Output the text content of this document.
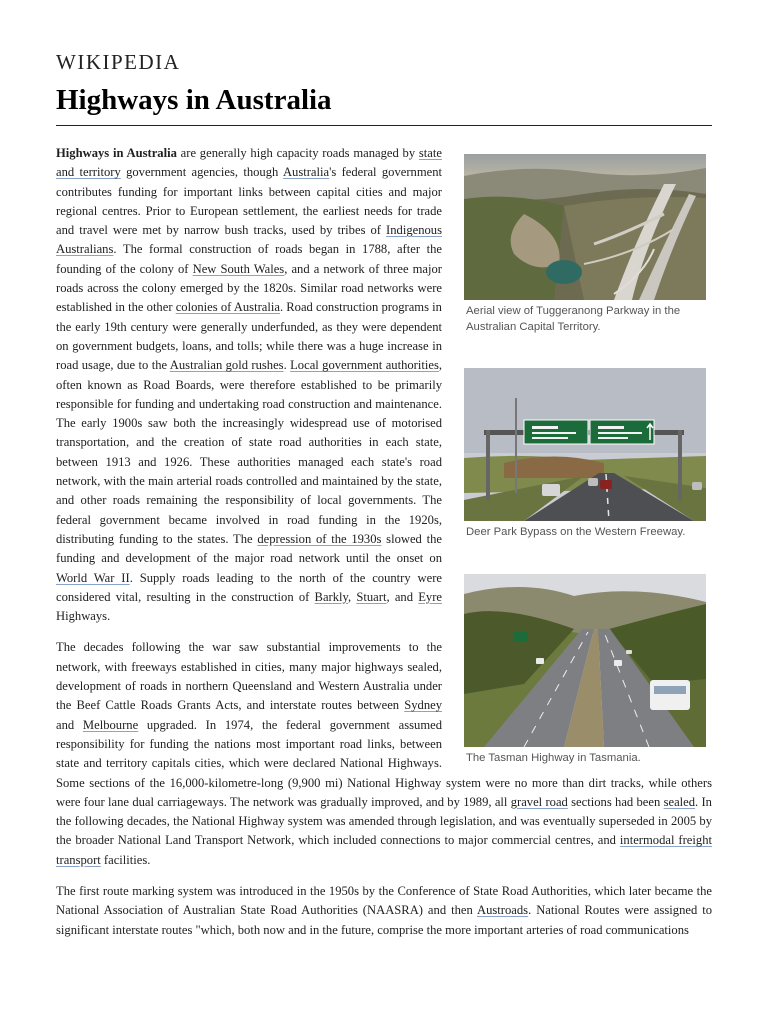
WIKIPEDIA
Highways in Australia
Aerial view of Tuggeranong Parkway in the Australian Capital Territory.
Deer Park Bypass on the Western Freeway.
The Tasman Highway in Tasmania.

Highways in Australia are generally high capacity roads managed by state and territory government agencies, though Australia's federal government contributes funding for important links between capital cities and major regional centres. Prior to European settlement, the earliest needs for trade and travel were met by narrow bush tracks, used by tribes of Indigenous Australians. The formal construction of roads began in 1788, after the founding of the colony of New South Wales, and a network of three major roads across the colony emerged by the 1820s. Similar road networks were established in the other colonies of Australia. Road construction programs in the early 19th century were generally underfunded, as they were dependent on government budgets, loans, and tolls; while there was a huge increase in road usage, due to the Australian gold rushes. Local government authorities, often known as Road Boards, were therefore established to be primarily responsible for funding and undertaking road construction and maintenance. The early 1900s saw both the increasingly widespread use of motorised transportation, and the creation of state road authorities in each state, between 1913 and 1926. These authorities managed each state's road network, with the main arterial roads controlled and maintained by the state, and other roads remaining the responsibility of local governments. The federal government became involved in road funding in the 1920s, distributing funding to the states. The depression of the 1930s slowed the funding and development of the major road network until the onset on World War II. Supply roads leading to the north of the country were considered vital, resulting in the construction of Barkly, Stuart, and Eyre Highways.

The decades following the war saw substantial improvements to the network, with freeways established in cities, many major highways sealed, development of roads in northern Queensland and Western Australia under the Beef Cattle Roads Grants Acts, and interstate routes between Sydney and Melbourne upgraded. In 1974, the federal government assumed responsibility for funding the nations most important road links, between state and territory capitals cities, which were declared National Highways. Some sections of the 16,000-kilometre-long (9,900 mi) National Highway system were no more than dirt tracks, while others were four lane dual carriageways. The network was gradually improved, and by 1989, all gravel road sections had been sealed. In the following decades, the National Highway system was amended through legislation, and was eventually superseded in 2005 by the broader National Land Transport Network, which included connections to major commercial centres, and intermodal freight transport facilities.

The first route marking system was introduced in the 1950s by the Conference of State Road Authorities, which later became the National Association of Australian State Road Authorities (NAASRA) and then Austroads. National Routes were assigned to significant interstate routes "which, both now and in the future, comprise the more important arteries of road communications
